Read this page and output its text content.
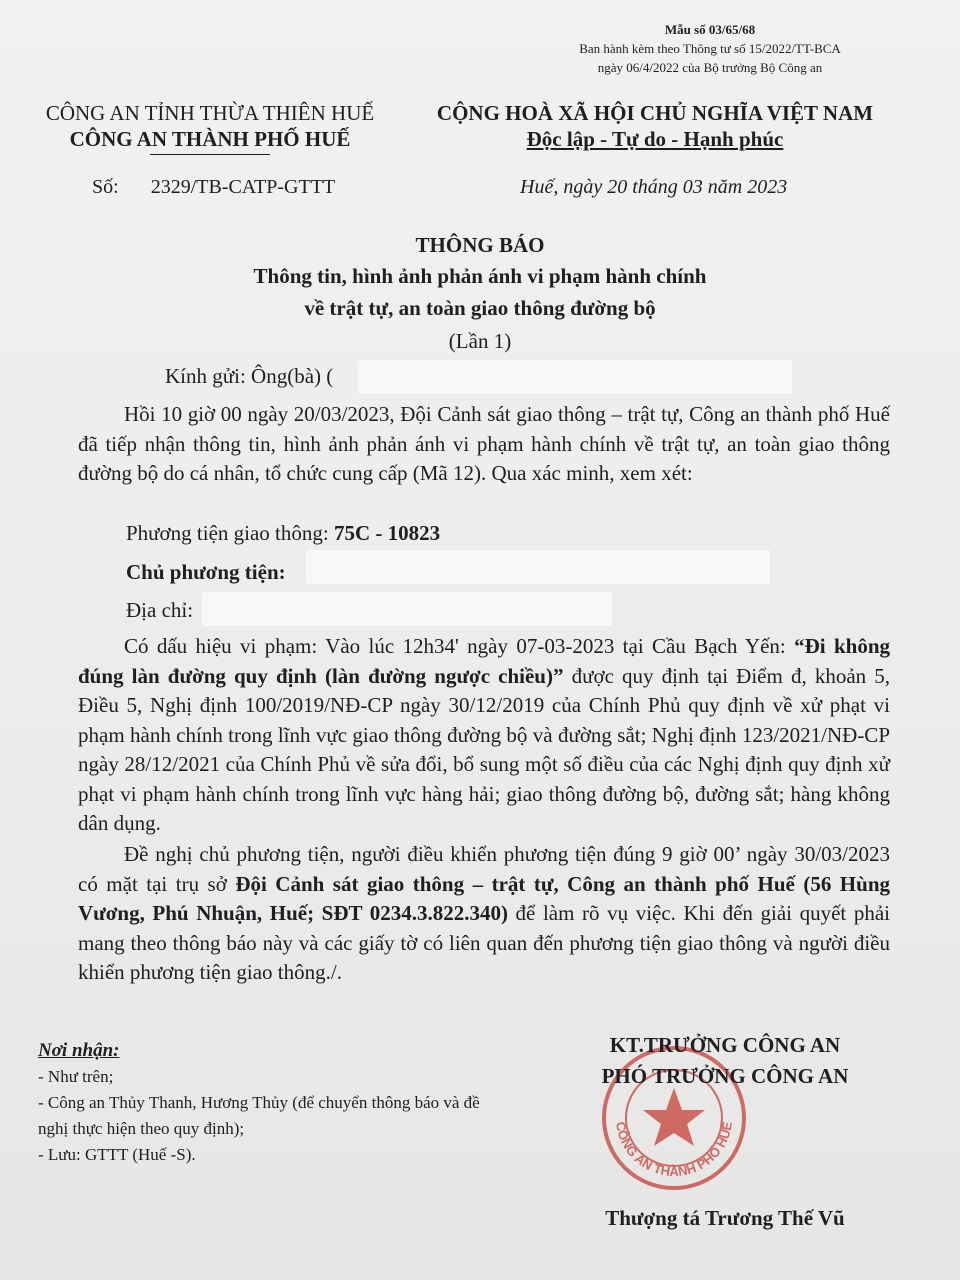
Mẫu số 03/65/68
Ban hành kèm theo Thông tư số 15/2022/TT-BCA
ngày 06/4/2022 của Bộ trưởng Bộ Công an
CÔNG AN TỈNH THỪA THIÊN HUẾ
CÔNG AN THÀNH PHỐ HUẾ
CỘNG HOÀ XÃ HỘI CHỦ NGHĨA VIỆT NAM
Độc lập - Tự do - Hạnh phúc
Số: 2329/TB-CATP-GTTT	Huế, ngày 20 tháng 03 năm 2023
THÔNG BÁO
Thông tin, hình ảnh phản ánh vi phạm hành chính
về trật tự, an toàn giao thông đường bộ
(Lần 1)
Kính gửi: Ông(bà) (
Hồi 10 giờ 00 ngày 20/03/2023, Đội Cảnh sát giao thông – trật tự, Công an thành phố Huế đã tiếp nhận thông tin, hình ảnh phản ánh vi phạm hành chính về trật tự, an toàn giao thông đường bộ do cá nhân, tổ chức cung cấp (Mã 12). Qua xác minh, xem xét:
Phương tiện giao thông: 75C - 10823
Chủ phương tiện:
Địa chỉ:
Có dấu hiệu vi phạm: Vào lúc 12h34' ngày 07-03-2023 tại Cầu Bạch Yến: “Đi không đúng làn đường quy định (làn đường ngược chiều)” được quy định tại Điểm đ, khoản 5, Điều 5, Nghị định 100/2019/NĐ-CP ngày 30/12/2019 của Chính Phủ quy định về xử phạt vi phạm hành chính trong lĩnh vực giao thông đường bộ và đường sắt; Nghị định 123/2021/NĐ-CP ngày 28/12/2021 của Chính Phủ về sửa đổi, bổ sung một số điều của các Nghị định quy định xử phạt vi phạm hành chính trong lĩnh vực hàng hải; giao thông đường bộ, đường sắt; hàng không dân dụng.
Đề nghị chủ phương tiện, người điều khiển phương tiện đúng 9 giờ 00’ ngày 30/03/2023 có mặt tại trụ sở Đội Cảnh sát giao thông – trật tự, Công an thành phố Huế (56 Hùng Vương, Phú Nhuận, Huế; SĐT 0234.3.822.340) để làm rõ vụ việc. Khi đến giải quyết phải mang theo thông báo này và các giấy tờ có liên quan đến phương tiện giao thông và người điều khiển phương tiện giao thông./.
Nơi nhận:
- Như trên;
- Công an Thủy Thanh, Hương Thủy (để chuyển thông báo và đề nghị thực hiện theo quy định);
- Lưu: GTTT (Huế -S).
CÔNG AN THÀNH PHỐ HUẾ
KT.TRƯỞNG CÔNG AN
PHÓ TRƯỞNG CÔNG AN
Thượng tá Trương Thế Vũ
